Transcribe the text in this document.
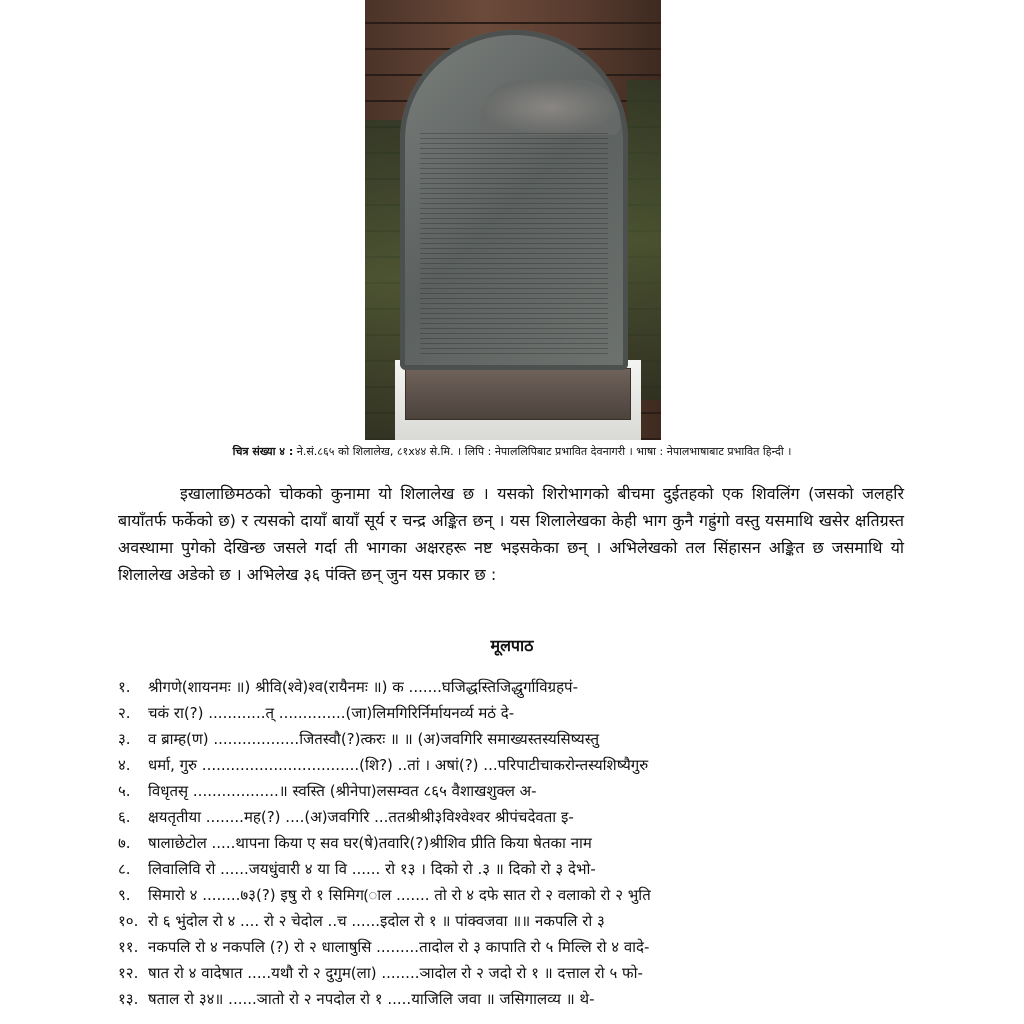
चित्र संख्या ४ : ने.सं.८६५ को शिलालेख, ८१x४४ से.मि. । लिपि : नेपाललिपिबाट प्रभावित देवनागरी । भाषा : नेपालभाषाबाट प्रभावित हिन्दी ।

इखालाछिमठको चोकको कुनामा यो शिलालेख छ । यसको शिरोभागको बीचमा दुईतहको एक शिवलिंग (जसको जलहरि बायाँतर्फ फर्केको छ) र त्यसको दायाँ बायाँ सूर्य र चन्द्र अङ्कित छन् । यस शिलालेखका केही भाग कुनै गह्रुंगो वस्तु यसमाथि खसेर क्षतिग्रस्त अवस्थामा पुगेको देखिन्छ जसले गर्दा ती भागका अक्षरहरू नष्ट भइसकेका छन् । अभिलेखको तल सिंहासन अङ्कित छ जसमाथि यो शिलालेख अडेको छ । अभिलेख ३६ पंक्ति छन् जुन यस प्रकार छ :

मूलपाठ
१.	श्रीगणे(शायनमः ॥) श्रीवि(श्वे)श्व(रायैनमः ॥) क .......घजिद्धस्तिजिद्धुर्गाविग्रहपं-
२.	चकं रा(?) ............त् ..............(जा)लिमगिरिर्निर्मायनर्व्य मठं दे-
३.	व ब्राम्ह(ण) ..................जितस्वौ(?)त्करः ॥ ॥ (अ)जवगिरि समाख्यस्तस्यसिष्यस्तु
४.	धर्मा, गुरु .................................(शि?) ..तां । अषां(?) ...परिपाटीचाकरोन्तस्यशिष्यैगुरु
५.	विधृतसृ ..................॥ स्वस्ति (श्रीनेपा)लसम्वत ८६५ वैशाखशुक्ल अ-
६.	क्षयतृतीया ........मह(?) ....(अ)जवगिरि ...ततश्रीश्री३विश्वेश्वर श्रीपंचदेवता इ-
७.	षालाछेटोल .....थापना किया ए सव घर(षे)तवारि(?)श्रीशिव प्रीति किया षेतका नाम
८.	लिवालिवि रो ......जयधुंवारी ४ या वि ...... रो १३ । दिको रो .३ ॥ दिको रो ३ देभो-
९.	सिमारो ४ ........७३(?) इषु रो १ सिमिग(ाल ....... तो रो ४ दफे सात रो २ वलाको रो २ भुति
१०. रो ६ भुंदोल रो ४ .... रो २ चेदोल ..च ......इदोल रो १ ॥ पांक्वजवा ॥॥ नकपलि रो ३
११. नकपलि रो ४ नकपलि (?) रो २ धालाषुसि .........तादोल रो ३ कापाति रो ५ मिल्लि रो ४ वादे-
१२. षात रो ४ वादेषात .....यथौ रो २ दुगुम(ला) ........ञादोल रो २ जदो रो १ ॥ दत्ताल रो ५ फो-
१३. षताल रो ३४॥ ......ञातो रो २ नपदोल रो १ .....याजिलि जवा ॥ जसिगालव्य ॥ थे-
